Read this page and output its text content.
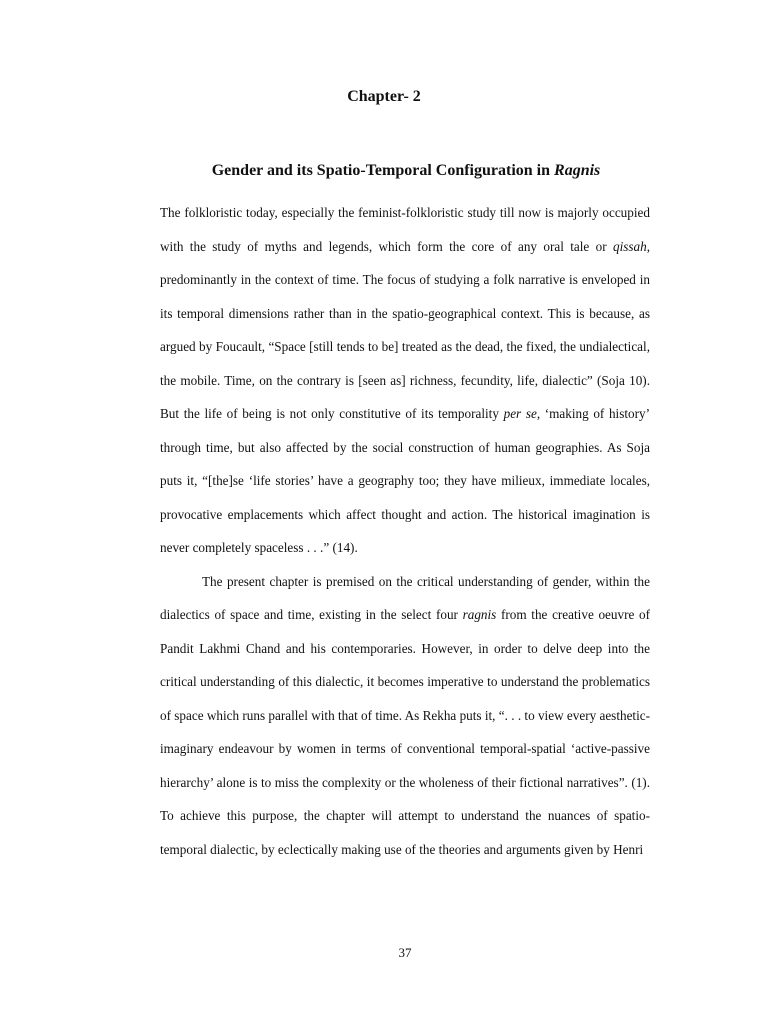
Chapter- 2

Gender and its Spatio-Temporal Configuration in Ragnis

The folkloristic today, especially the feminist-folkloristic study till now is majorly occupied with the study of myths and legends, which form the core of any oral tale or qissah, predominantly in the context of time. The focus of studying a folk narrative is enveloped in its temporal dimensions rather than in the spatio-geographical context. This is because, as argued by Foucault, “Space [still tends to be] treated as the dead, the fixed, the undialectical, the mobile. Time, on the contrary is [seen as] richness, fecundity, life, dialectic” (Soja 10). But the life of being is not only constitutive of its temporality per se, ‘making of history’ through time, but also affected by the social construction of human geographies. As Soja puts it, “[the]se ‘life stories’ have a geography too; they have milieux, immediate locales, provocative emplacements which affect thought and action. The historical imagination is never completely spaceless . . .” (14).

The present chapter is premised on the critical understanding of gender, within the dialectics of space and time, existing in the select four ragnis from the creative oeuvre of Pandit Lakhmi Chand and his contemporaries. However, in order to delve deep into the critical understanding of this dialectic, it becomes imperative to understand the problematics of space which runs parallel with that of time. As Rekha puts it, “. . . to view every aesthetic-imaginary endeavour by women in terms of conventional temporal-spatial ‘active-passive hierarchy’ alone is to miss the complexity or the wholeness of their fictional narratives”. (1). To achieve this purpose, the chapter will attempt to understand the nuances of spatio-temporal dialectic, by eclectically making use of the theories and arguments given by Henri

37
